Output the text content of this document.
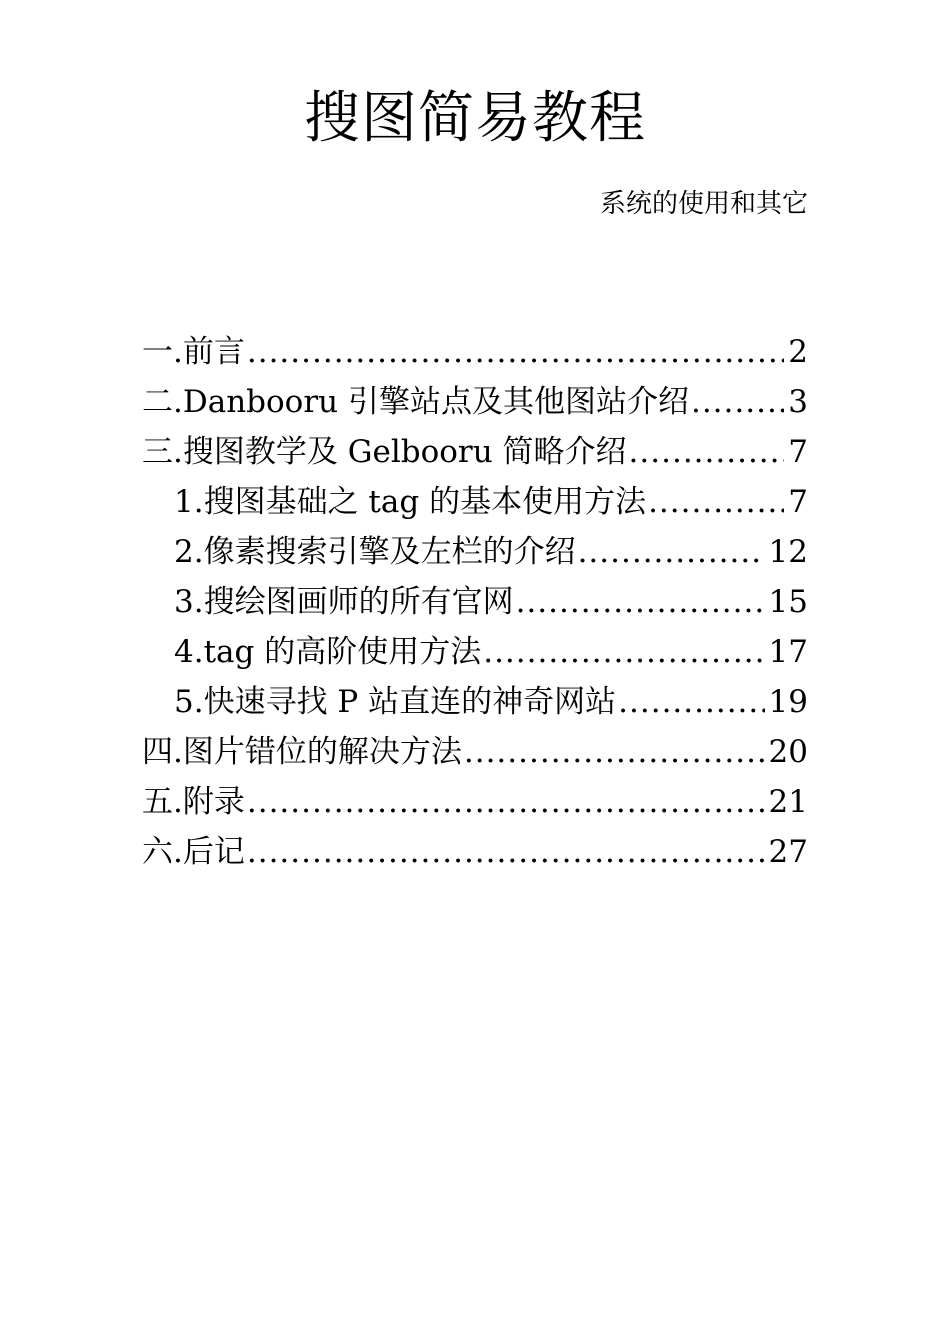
搜图简易教程
系统的使用和其它
一.前言 .....	2
二.Danbooru 引擎站点及其他图站介绍 .....	3
三.搜图教学及 Gelbooru 简略介绍 .....	7
1.搜图基础之 tag 的基本使用方法 .....	7
2.像素搜索引擎及左栏的介绍 .....	12
3.搜绘图画师的所有官网 .....	15
4.tag 的高阶使用方法 .....	17
5.快速寻找 P 站直连的神奇网站 .....	19
四.图片错位的解决方法 .....	20
五.附录 .....	21
六.后记 .....	27
